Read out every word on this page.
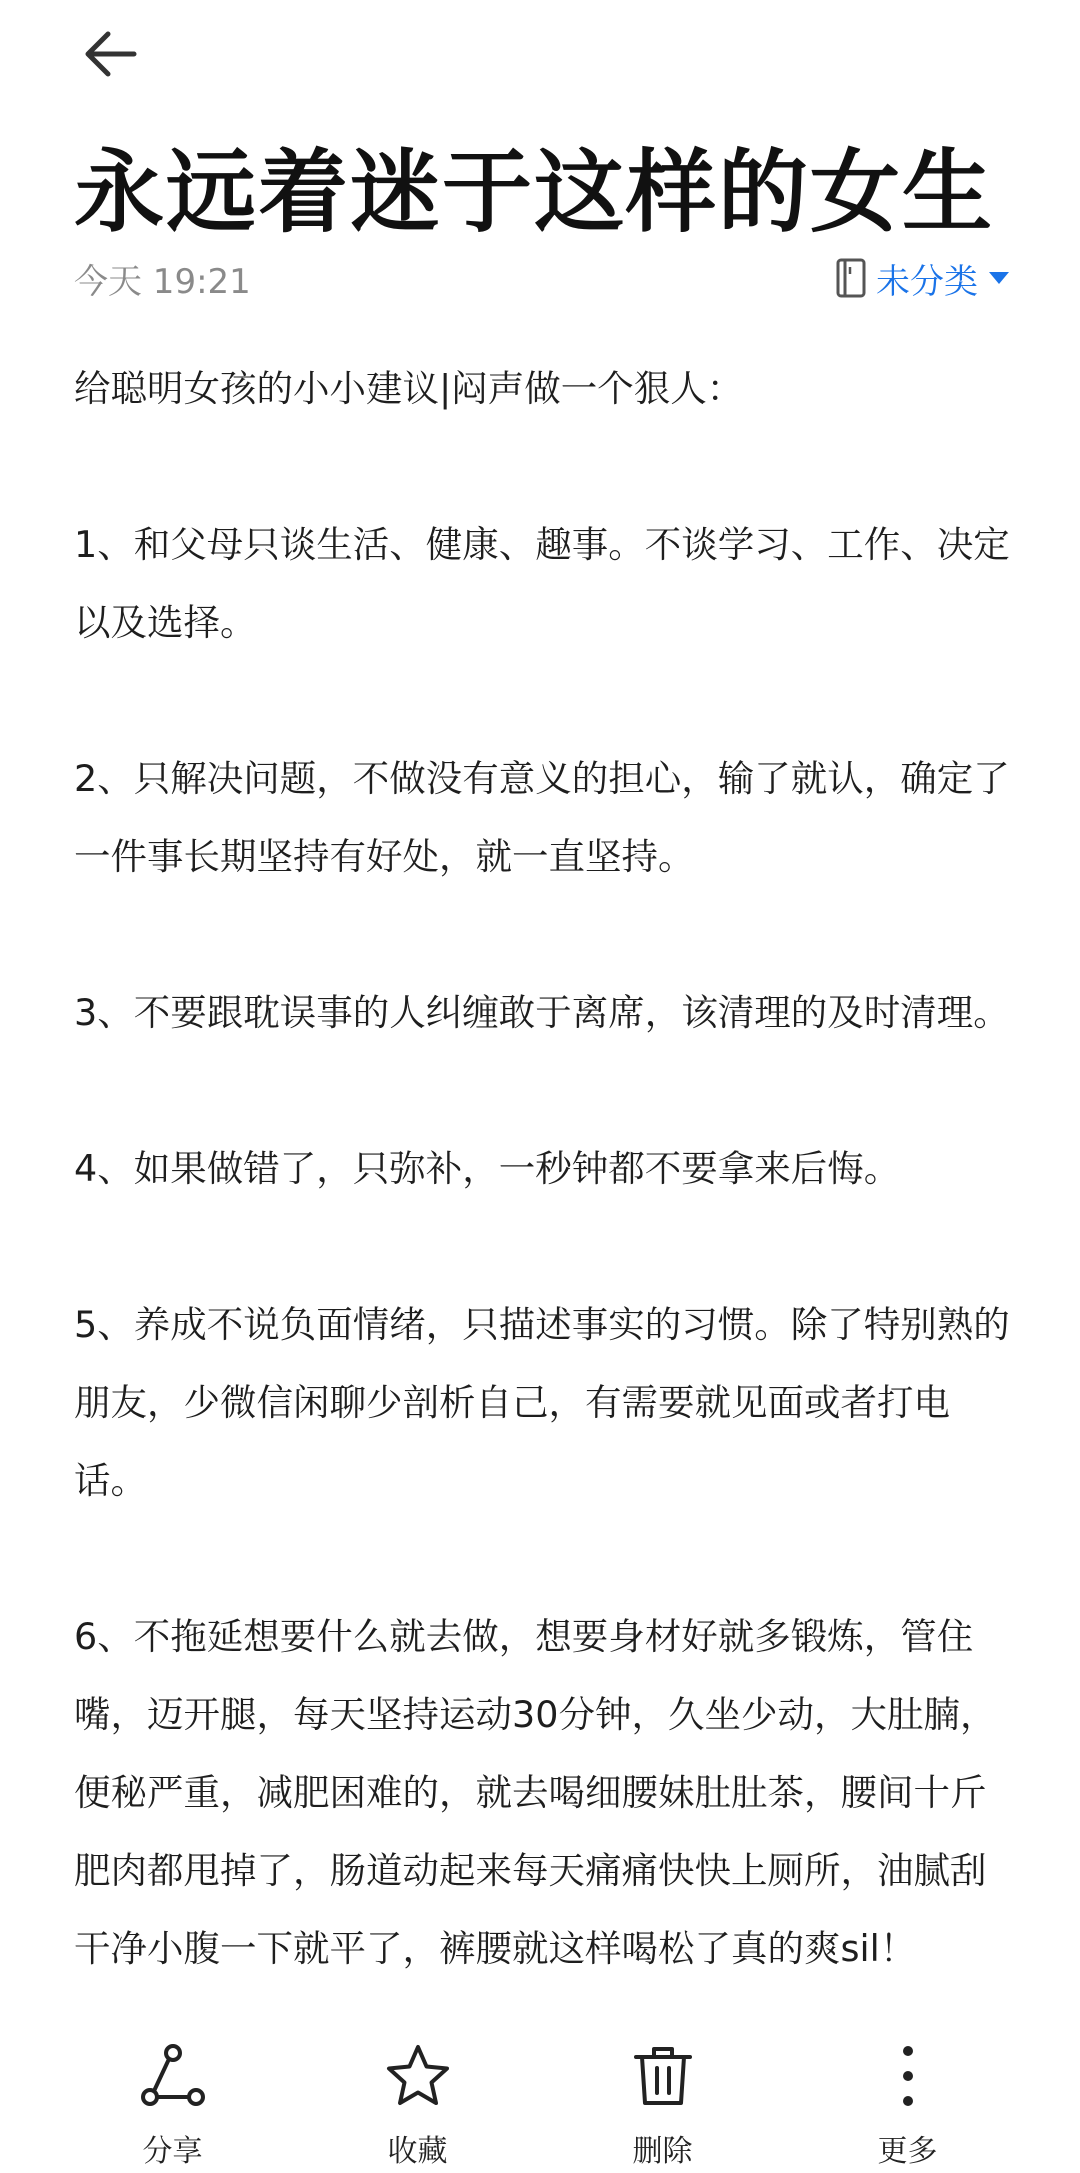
永远着迷于这样的女生
今天 19:21	未分类

给聪明女孩的小小建议|闷声做一个狠人：

1、和父母只谈生活、健康、趣事。不谈学习、工作、决定以及选择。

2、只解决问题，不做没有意义的担心，输了就认，确定了一件事长期坚持有好处，就一直坚持。

3、不要跟耽误事的人纠缠敢于离席，该清理的及时清理。

4、如果做错了，只弥补，一秒钟都不要拿来后悔。

5、养成不说负面情绪，只描述事实的习惯。除了特别熟的朋友，少微信闲聊少剖析自己，有需要就见面或者打电话。

6、不拖延想要什么就去做，想要身材好就多锻炼，管住嘴，迈开腿，每天坚持运动30分钟，久坐少动，大肚腩，便秘严重，减肥困难的，就去喝细腰妹肚肚茶，腰间十斤肥肉都甩掉了，肠道动起来每天痛痛快快上厕所，油腻刮干净小腹一下就平了，裤腰就这样喝松了真的爽sil！

分享	收藏	删除	更多
